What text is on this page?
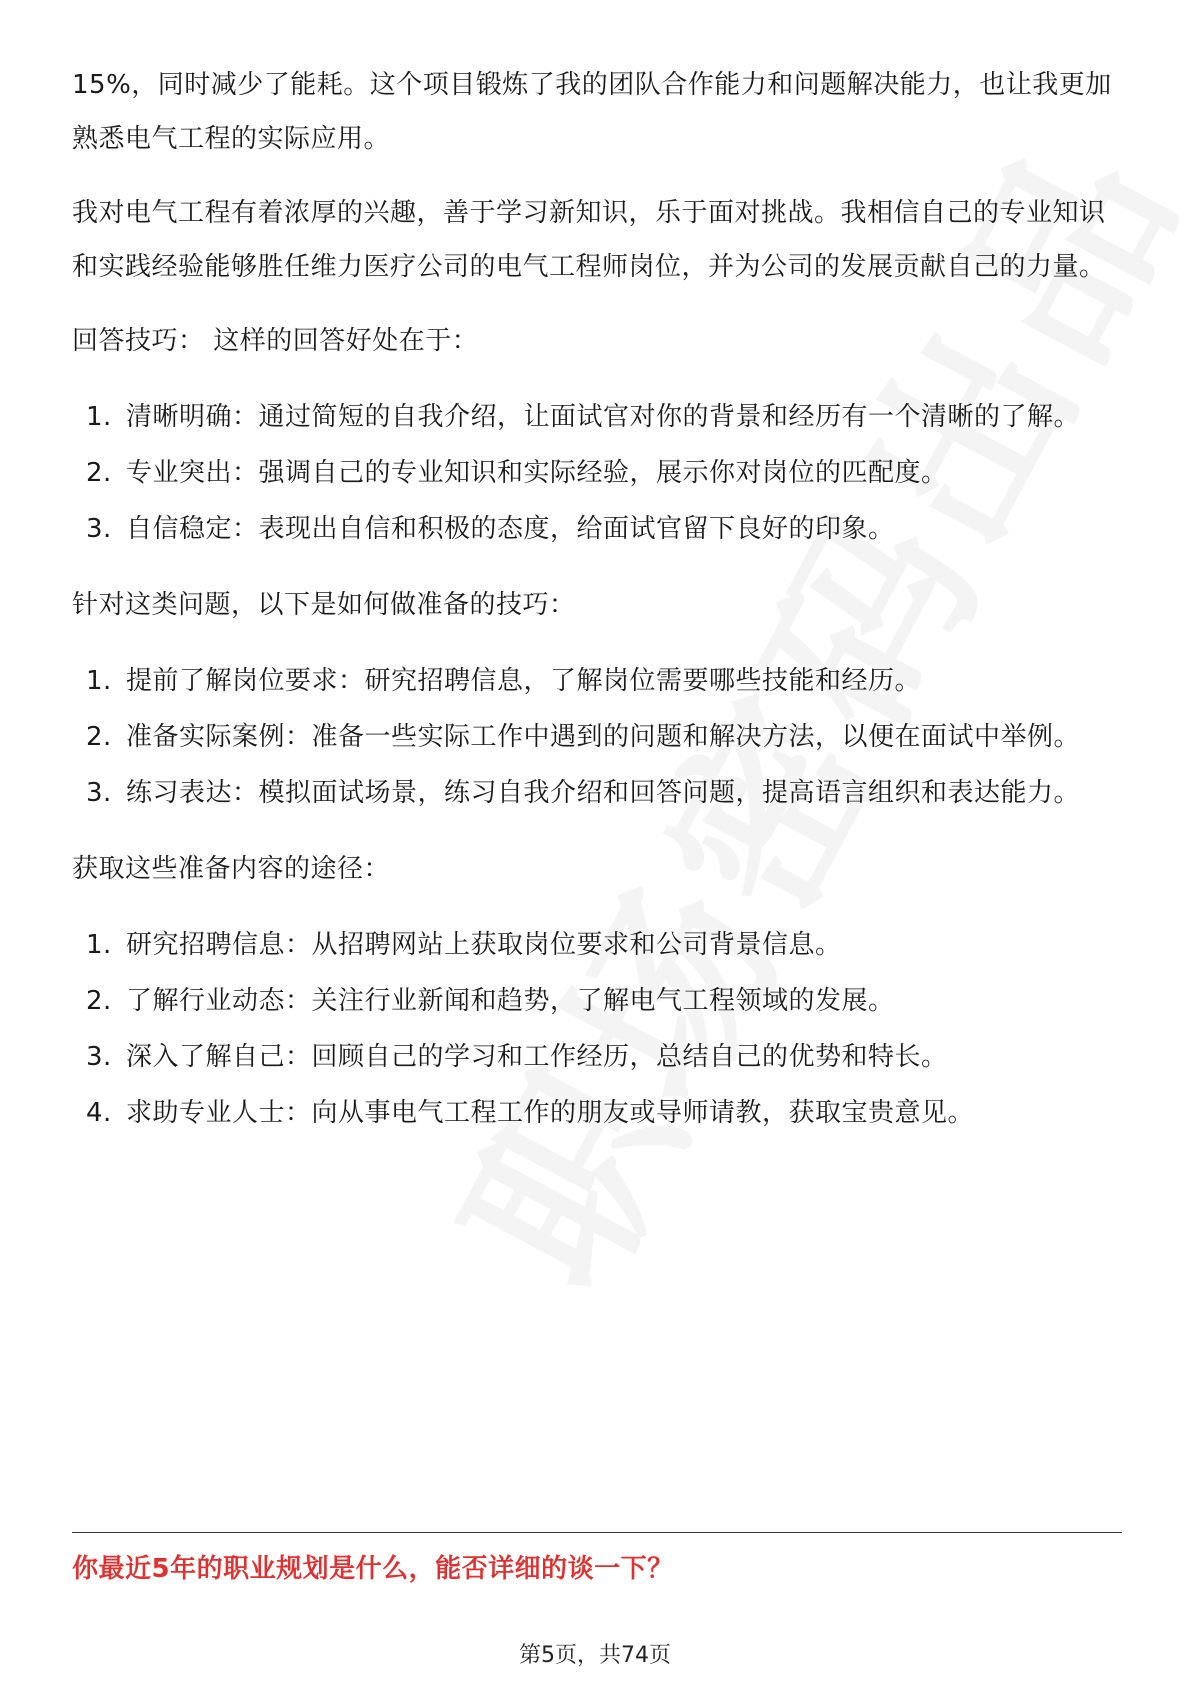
15%，同时减少了能耗。这个项目锻炼了我的团队合作能力和问题解决能力，也让我更加熟悉电气工程的实际应用。

我对电气工程有着浓厚的兴趣，善于学习新知识，乐于面对挑战。我相信自己的专业知识和实践经验能够胜任维力医疗公司的电气工程师岗位，并为公司的发展贡献自己的力量。

回答技巧： 这样的回答好处在于：

1. 清晰明确：通过简短的自我介绍，让面试官对你的背景和经历有一个清晰的了解。
2. 专业突出：强调自己的专业知识和实际经验，展示你对岗位的匹配度。
3. 自信稳定：表现出自信和积极的态度，给面试官留下良好的印象。

针对这类问题，以下是如何做准备的技巧：

1. 提前了解岗位要求：研究招聘信息，了解岗位需要哪些技能和经历。
2. 准备实际案例：准备一些实际工作中遇到的问题和解决方法，以便在面试中举例。
3. 练习表达：模拟面试场景，练习自我介绍和回答问题，提高语言组织和表达能力。

获取这些准备内容的途径：

1. 研究招聘信息：从招聘网站上获取岗位要求和公司背景信息。
2. 了解行业动态：关注行业新闻和趋势，了解电气工程领域的发展。
3. 深入了解自己：回顾自己的学习和工作经历，总结自己的优势和特长。
4. 求助专业人士：向从事电气工程工作的朋友或导师请教，获取宝贵意见。
你最近5年的职业规划是什么，能否详细的谈一下？
第5页，共74页
